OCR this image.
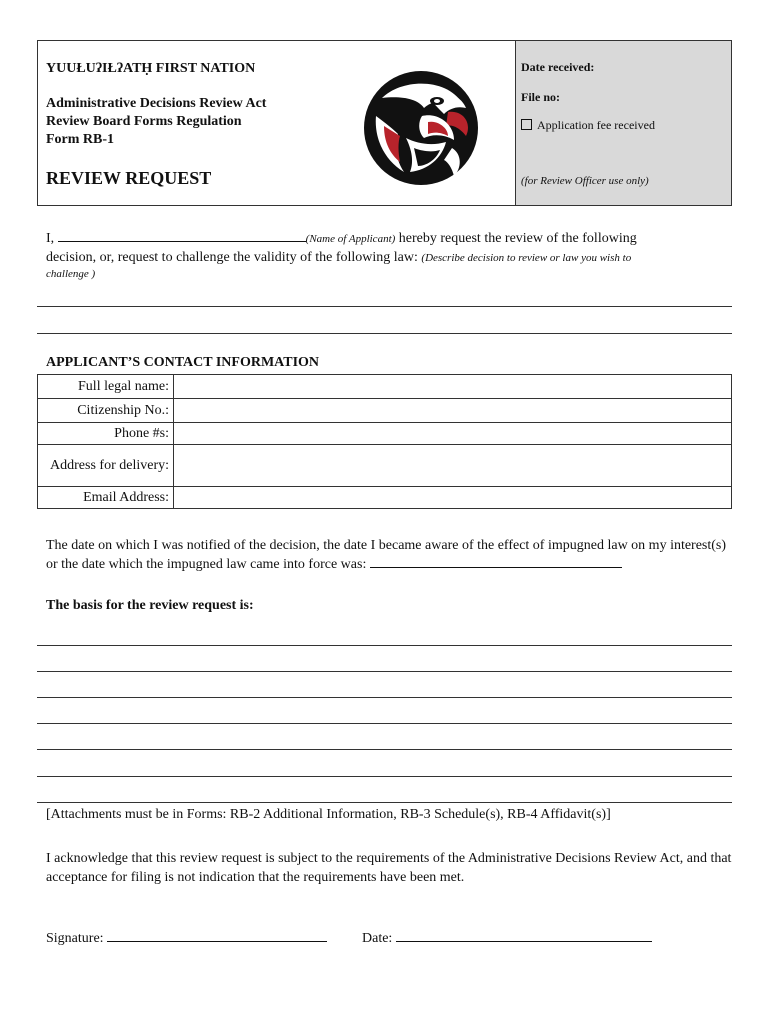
YUUŁUʔIŁʔATḤ FIRST NATION
Administrative Decisions Review Act
Review Board Forms Regulation
Form RB-1
REVIEW REQUEST
Date received:
File no:
Application fee received
(for Review Officer use only)
I,	(Name of Applicant) hereby request the review of the following
decision, or, request to challenge the validity of the following law: (Describe decision to review or law you wish to
challenge )
APPLICANT’S CONTACT INFORMATION
Full legal name:	
Citizenship No.:	
Phone #s:	
Address for delivery:	
Email Address:	
The date on which I was notified of the decision, the date I became aware of the effect of impugned law on my interest(s) or the date which the impugned law came into force was:
The basis for the review request is:
[Attachments must be in Forms: RB-2 Additional Information, RB-3 Schedule(s), RB-4 Affidavit(s)]
I acknowledge that this review request is subject to the requirements of the Administrative Decisions Review Act, and that acceptance for filing is not indication that the requirements have been met.
Signature:	Date:
